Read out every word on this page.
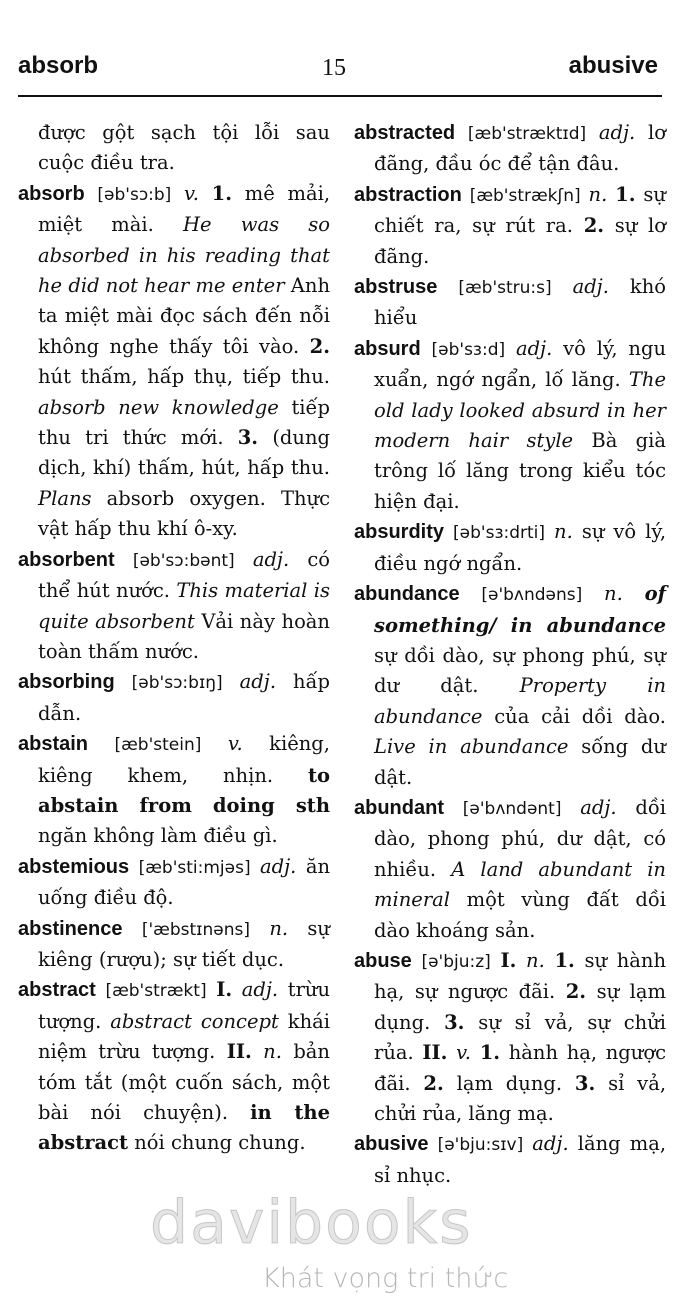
absorb	15	abusive

được gột sạch tội lỗi sau cuộc điều tra.

absorb [əb'sɔ:b] v. 1. mê mải, miệt mài. He was so absorbed in his reading that he did not hear me enter Anh ta miệt mài đọc sách đến nỗi không nghe thấy tôi vào. 2. hút thấm, hấp thụ, tiếp thu. absorb new knowledge tiếp thu tri thức mới. 3. (dung dịch, khí) thấm, hút, hấp thu. Plans absorb oxygen. Thực vật hấp thu khí ô-xy.

absorbent [əb'sɔ:bənt] adj. có thể hút nước. This material is quite absorbent Vải này hoàn toàn thấm nước.

absorbing [əb'sɔ:bɪŋ] adj. hấp dẫn.

abstain [æb'stein] v. kiêng, kiêng khem, nhịn. to abstain from doing sth ngăn không làm điều gì.

abstemious [æb'sti:mjəs] adj. ăn uống điều độ.

abstinence ['æbstɪnəns] n. sự kiêng (rượu); sự tiết dục.

abstract [æb'strækt] I. adj. trừu tượng. abstract concept khái niệm trừu tượng. II. n. bản tóm tắt (một cuốn sách, một bài nói chuyện). in the abstract nói chung chung.

abstracted [æb'stræktɪd] adj. lơ đãng, đầu óc để tận đâu.

abstraction [æb'strækʃn] n. 1. sự chiết ra, sự rút ra. 2. sự lơ đãng.

abstruse [æb'stru:s] adj. khó hiểu

absurd [əb'sɜ:d] adj. vô lý, ngu xuẩn, ngớ ngẩn, lố lăng. The old lady looked absurd in her modern hair style Bà già trông lố lăng trong kiểu tóc hiện đại.

absurdity [əb'sɜ:drti] n. sự vô lý, điều ngớ ngẩn.

abundance [ə'bʌndəns] n. of something/ in abundance sự dồi dào, sự phong phú, sự dư dật. Property in abundance của cải dồi dào. Live in abundance sống dư dật.

abundant [ə'bʌndənt] adj. dồi dào, phong phú, dư dật, có nhiều. A land abundant in mineral một vùng đất dồi dào khoáng sản.

abuse [ə'bju:z] I. n. 1. sự hành hạ, sự ngược đãi. 2. sự lạm dụng. 3. sự sỉ vả, sự chửi rủa. II. v. 1. hành hạ, ngược đãi. 2. lạm dụng. 3. sỉ vả, chửi rủa, lăng mạ.

abusive [ə'bju:sɪv] adj. lăng mạ, sỉ nhục.

davibooks
Khát vọng tri thức
